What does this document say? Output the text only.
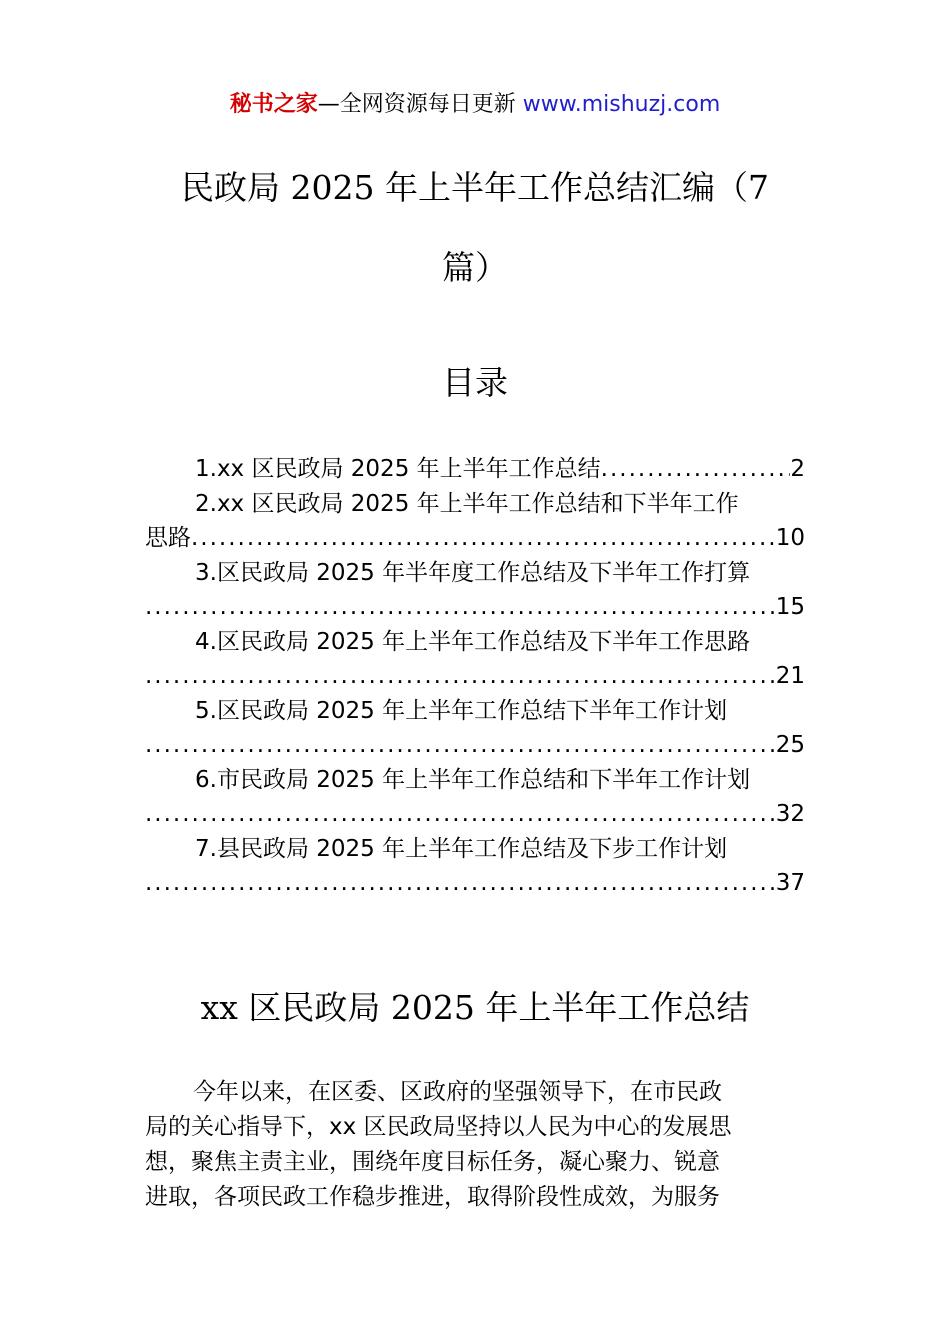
秘书之家—全网资源每日更新 www.mishuzj.com
民政局 2025 年上半年工作总结汇编（7
篇）
目录
1.xx 区民政局 2025 年上半年工作总结 .....	2
2.xx 区民政局 2025 年上半年工作总结和下半年工作
思路 .....	10
3.区民政局 2025 年半年度工作总结及下半年工作打算
.....
15
4.区民政局 2025 年上半年工作总结及下半年工作思路
.....
21
5.区民政局 2025 年上半年工作总结下半年工作计划
.....
25
6.市民政局 2025 年上半年工作总结和下半年工作计划
.....
32
7.县民政局 2025 年上半年工作总结及下步工作计划
.....
37
xx 区民政局 2025 年上半年工作总结
今年以来，在区委、区政府的坚强领导下，在市民政
局的关心指导下，xx 区民政局坚持以人民为中心的发展思
想，聚焦主责主业，围绕年度目标任务，凝心聚力、锐意
进取，各项民政工作稳步推进，取得阶段性成效，为服务
